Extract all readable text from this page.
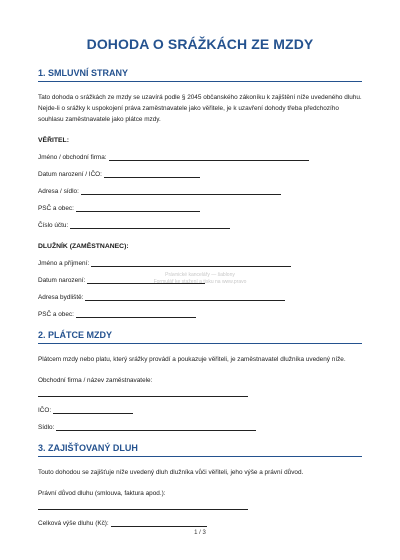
Právnické kancelářy — šablony
Formulář ke stažení a tisku na www.pravo
DOHODA O SRÁŽKÁCH ZE MZDY
1. SMLUVNÍ STRANY
Tato dohoda o srážkách ze mzdy se uzavírá podle § 2045 občanského zákoníku k zajištění níže uvedeného dluhu. Nejde-li o srážky k uspokojení práva zaměstnavatele jako věřitele, je k uzavření dohody třeba předchozího souhlasu zaměstnavatele jako plátce mzdy.
VĚŘITEL:
Jméno / obchodní firma:
Datum narození / IČO:
Adresa / sídlo:
PSČ a obec:
Číslo účtu:
DLUŽNÍK (ZAMĚSTNANEC):
Jméno a příjmení:
Datum narození:
Adresa bydliště:
PSČ a obec:
2. PLÁTCE MZDY
Plátcem mzdy nebo platu, který srážky provádí a poukazuje věřiteli, je zaměstnavatel dlužníka uvedený níže.
Obchodní firma / název zaměstnavatele:
IČO:
Sídlo:
3. ZAJIŠŤOVANÝ DLUH
Touto dohodou se zajišťuje níže uvedený dluh dlužníka vůči věřiteli, jeho výše a právní důvod.
Právní důvod dluhu (smlouva, faktura apod.):
Celková výše dluhu (Kč):
1 / 3
